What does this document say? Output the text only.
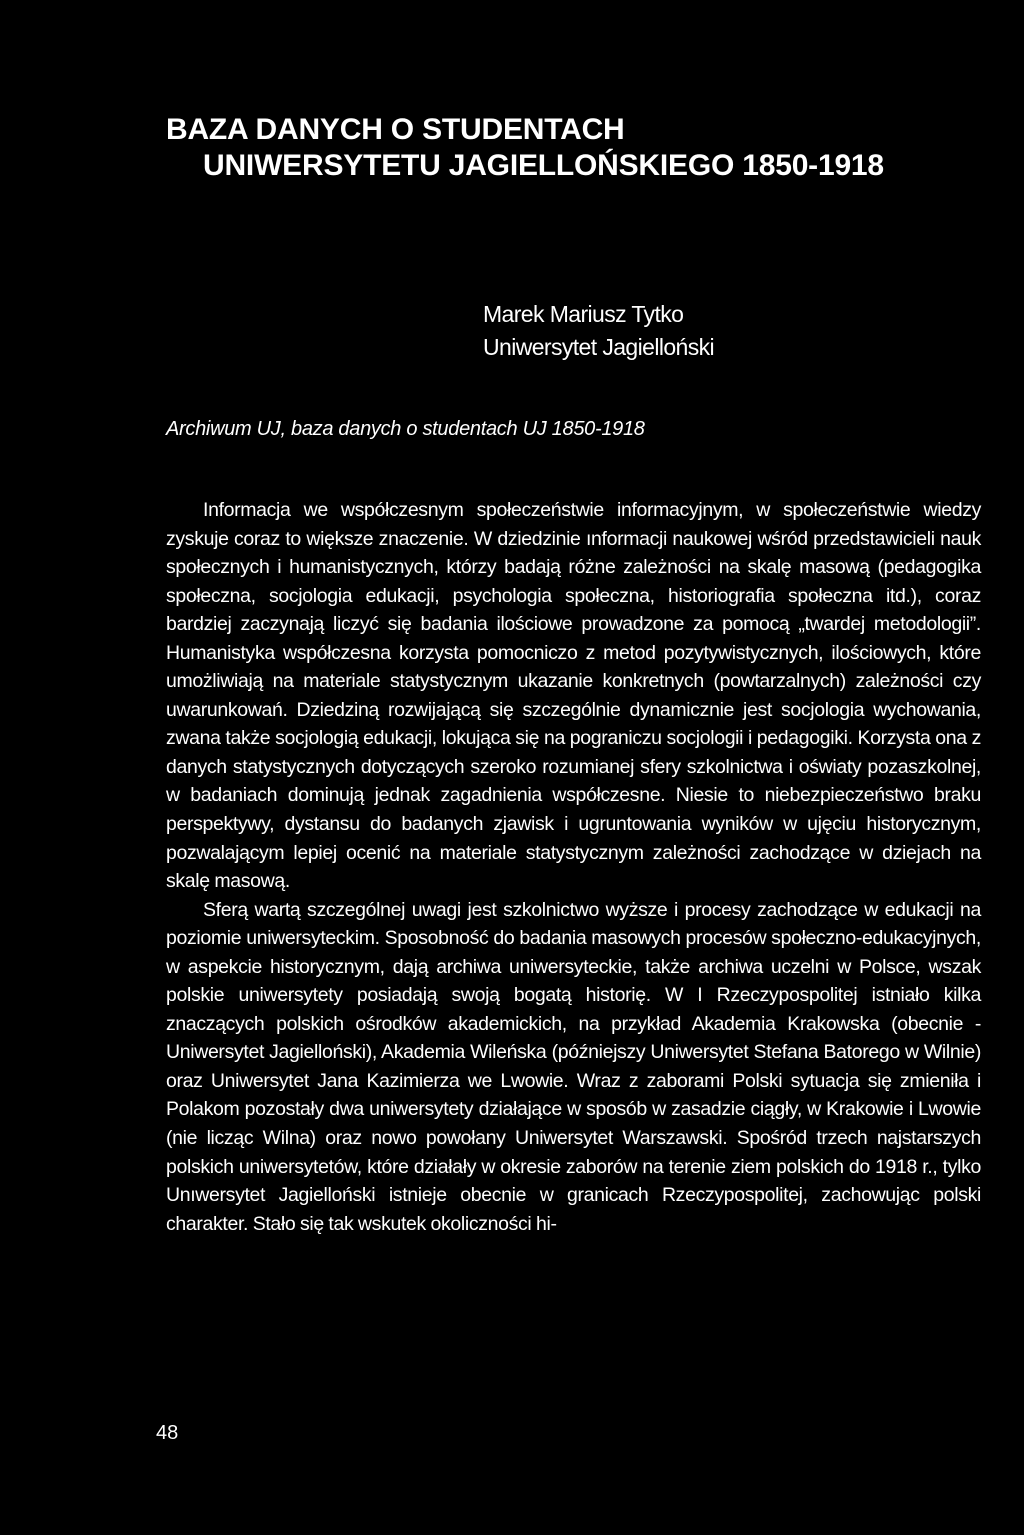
BAZA DANYCH O STUDENTACH
UNIWERSYTETU JAGIELLOŃSKIEGO 1850-1918
Marek Mariusz Tytko
Uniwersytet Jagielloński
Archiwum UJ, baza danych o studentach UJ 1850-1918

Informacja we współczesnym społeczeństwie informacyjnym, w społeczeństwie wiedzy zyskuje coraz to większe znaczenie. W dziedzinie ınformacji naukowej wśród przedstawicieli nauk społecznych i humanistycznych, którzy badają różne zależności na skalę masową (pedagogika społeczna, socjologia edukacji, psychologia społeczna, historiografia społeczna itd.), coraz bardziej zaczynają liczyć się badania ilościowe prowadzone za pomocą „twardej metodologii”. Humanistyka współczesna korzysta pomocniczo z metod pozytywistycznych, ilościowych, które umożliwiają na materiale statystycznym ukazanie konkretnych (powtarzalnych) zależności czy uwarunkowań. Dziedziną rozwijającą się szczególnie dynamicznie jest socjologia wychowania, zwana także socjologią edukacji, lokująca się na pograniczu socjologii i pedagogiki. Korzysta ona z danych statystycznych dotyczących szeroko rozumianej sfery szkolnictwa i oświaty pozaszkolnej, w badaniach dominują jednak zagadnienia współczesne. Niesie to niebezpieczeństwo braku perspektywy, dystansu do badanych zjawisk i ugruntowania wyników w ujęciu historycznym, pozwalającym lepiej ocenić na materiale statystycznym zależności zachodzące w dziejach na skalę masową.

Sferą wartą szczególnej uwagi jest szkolnictwo wyższe i procesy zachodzące w edukacji na poziomie uniwersyteckim. Sposobność do badania masowych procesów społeczno-edukacyjnych, w aspekcie historycznym, dają archiwa uniwersyteckie, także archiwa uczelni w Polsce, wszak polskie uniwersytety posiadają swoją bogatą historię. W I Rzeczypospolitej istniało kilka znaczących polskich ośrodków akademickich, na przykład Akademia Krakowska (obecnie - Uniwersytet Jagielloński), Akademia Wileńska (późniejszy Uniwersytet Stefana Batorego w Wilnie) oraz Uniwersytet Jana Kazimierza we Lwowie. Wraz z zaborami Polski sytuacja się zmieniła i Polakom pozostały dwa uniwersytety działające w sposób w zasadzie ciągły, w Krakowie i Lwowie (nie licząc Wilna) oraz nowo powołany Uniwersytet Warszawski. Spośród trzech najstarszych polskich uniwersytetów, które działały w okresie zaborów na terenie ziem polskich do 1918 r., tylko Unıwersytet Jagielloński istnieje obecnie w granicach Rzeczypospolitej, zachowując polski charakter. Stało się tak wskutek okoliczności hi-

48
